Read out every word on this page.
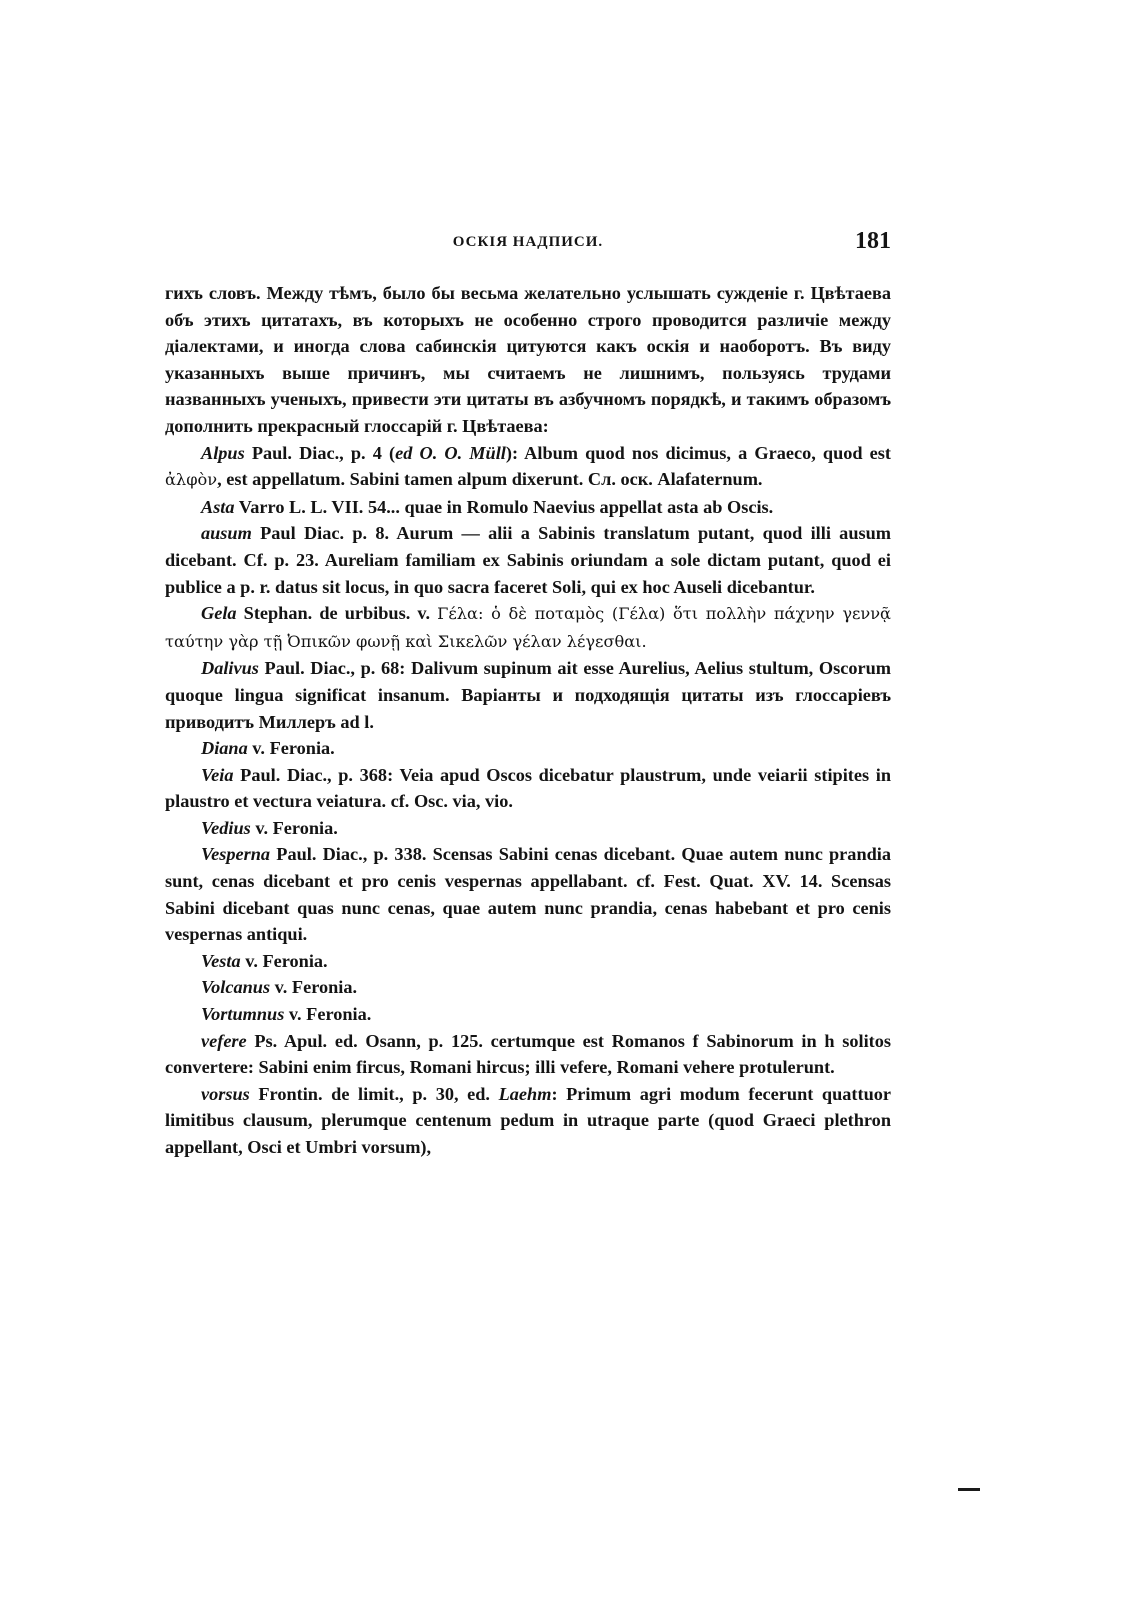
ОСКІЯ НАДПИСИ.	181

гихъ словъ. Между тѣмъ, было бы весьма желательно услышать сужденіе г. Цвѣтаева объ этихъ цитатахъ, въ которыхъ не особенно строго проводится различіе между діалектами, и иногда слова сабинскія цитуются какъ оскія и наоборотъ. Въ виду указанныхъ выше причинъ, мы считаемъ не лишнимъ, пользуясь трудами названныхъ ученыхъ, привести эти цитаты въ азбучномъ порядкѣ, и такимъ образомъ дополнить прекрасный глоссарій г. Цвѣтаева:

Alpus Paul. Diac., p. 4 (ed O. O. Müll): Album quod nos dicimus, a Graeco, quod est ἀλφὸν, est appellatum. Sabini tamen alpum dixerunt. Сл. оск. Alafaternum.

Asta Varro L. L. VII. 54... quae in Romulo Naevius appellat asta ab Oscis.

ausum Paul Diac. p. 8. Aurum — alii a Sabinis translatum putant, quod illi ausum dicebant. Cf. p. 23. Aureliam familiam ex Sabinis oriundam a sole dictam putant, quod ei publice a p. r. datus sit locus, in quo sacra faceret Soli, qui ex hoc Auseli dicebantur.

Gela Stephan. de urbibus. v. Γέλα: ὁ δὲ ποταμὸς (Γέλα) ὅτι πολλὴν πάχνην γεννᾷ ταύτην γὰρ τῇ Ὀπικῶν φωνῇ καὶ Σικελῶν γέλαν λέγεσθαι.

Dalivus Paul. Diac., p. 68: Dalivum supinum ait esse Aurelius, Aelius stultum, Oscorum quoque lingua significat insanum. Варіанты и подходящія цитаты изъ глоссаріевъ приводитъ Миллеръ ad l.

Diana v. Feronia.

Veia Paul. Diac., p. 368: Veia apud Oscos dicebatur plaustrum, unde veiarii stipites in plaustro et vectura veiatura. cf. Osc. via, vio.

Vedius v. Feronia.

Vesperna Paul. Diac., p. 338. Scensas Sabini cenas dicebant. Quae autem nunc prandia sunt, cenas dicebant et pro cenis vespernas appellabant. cf. Fest. Quat. XV. 14. Scensas Sabini dicebant quas nunc cenas, quae autem nunc prandia, cenas habebant et pro cenis vespernas antiqui.

Vesta v. Feronia.

Volcanus v. Feronia.

Vortumnus v. Feronia.

vefere Ps. Apul. ed. Osann, p. 125. certumque est Romanos f Sabinorum in h solitos convertere: Sabini enim fircus, Romani hircus; illi vefere, Romani vehere protulerunt.

vorsus Frontin. de limit., p. 30, ed. Laehm: Primum agri modum fecerunt quattuor limitibus clausum, plerumque centenum pedum in utraque parte (quod Graeci plethron appellant, Osci et Umbri vorsum),
